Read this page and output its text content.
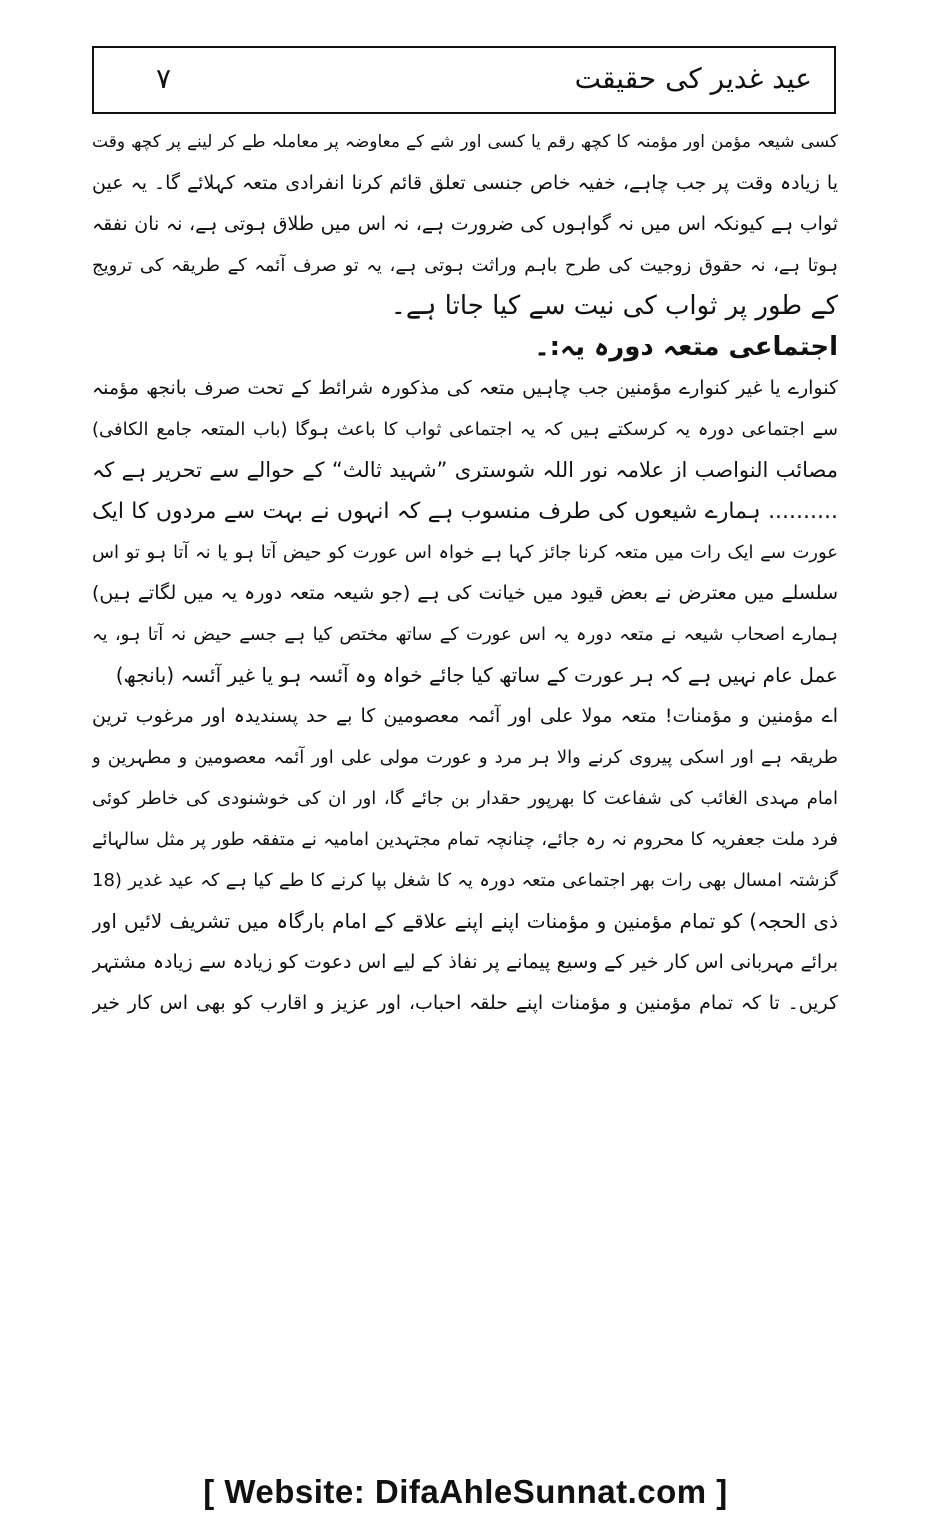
عید غدیر کی حقیقت
۷
کسی شیعہ مؤمن اور مؤمنہ کا کچھ رقم یا کسی اور شے کے معاوضہ پر معاملہ طے کر لینے پر کچھ وقت
یا زیادہ وقت پر جب چاہے، خفیہ خاص جنسی تعلق قائم کرنا انفرادی متعہ کہلائے گا۔ یہ عین
ثواب ہے کیونکہ اس میں نہ گواہوں کی ضرورت ہے، نہ اس میں طلاق ہوتی ہے، نہ نان نفقہ
ہوتا ہے، نہ حقوق زوجیت کی طرح باہم وراثت ہوتی ہے، یہ تو صرف آئمہ کے طریقہ کی ترویج
کے طور پر ثواب کی نیت سے کیا جاتا ہے۔
اجتماعی متعہ دورہ یہ:۔
کنوارے یا غیر کنوارے مؤمنین جب چاہیں متعہ کی مذکورہ شرائط کے تحت صرف بانجھ مؤمنہ
سے اجتماعی دورہ یہ کرسکتے ہیں کہ یہ اجتماعی ثواب کا باعث ہوگا (باب المتعہ جامع الکافی)
مصائب النواصب از علامہ نور اللہ شوستری ”شہید ثالث“ کے حوالے سے تحریر ہے کہ
.......... ہمارے شیعوں کی طرف منسوب ہے کہ انہوں نے بہت سے مردوں کا ایک
عورت سے ایک رات میں متعہ کرنا جائز کہا ہے خواہ اس عورت کو حیض آتا ہو یا نہ آتا ہو تو اس
سلسلے میں معترض نے بعض قیود میں خیانت کی ہے (جو شیعہ متعہ دورہ یہ میں لگاتے ہیں)
ہمارے اصحاب شیعہ نے متعہ دورہ یہ اس عورت کے ساتھ مختص کیا ہے جسے حیض نہ آتا ہو، یہ
عمل عام نہیں ہے کہ ہر عورت کے ساتھ کیا جائے خواہ وہ آئسہ ہو یا غیر آئسہ (بانجھ)
اے مؤمنین و مؤمنات! متعہ مولا علی اور آئمہ معصومین کا بے حد پسندیدہ اور مرغوب ترین
طریقہ ہے اور اسکی پیروی کرنے والا ہر مرد و عورت مولی علی اور آئمہ معصومین و مطہرین و
امام مہدی الغائب کی شفاعت کا بھرپور حقدار بن جائے گا، اور ان کی خوشنودی کی خاطر کوئی
فرد ملت جعفریہ کا محروم نہ رہ جائے، چنانچہ تمام مجتہدین امامیہ نے متفقہ طور پر مثل سالہائے
گزشتہ امسال بھی رات بھر اجتماعی متعہ دورہ یہ کا شغل بپا کرنے کا طے کیا ہے کہ عید غدیر (18
ذی الحجہ) کو تمام مؤمنین و مؤمنات اپنے اپنے علاقے کے امام بارگاہ میں تشریف لائیں اور
برائے مہربانی اس کار خیر کے وسیع پیمانے پر نفاذ کے لیے اس دعوت کو زیادہ سے زیادہ مشتہر
کریں۔ تا کہ تمام مؤمنین و مؤمنات اپنے حلقہ احباب، اور عزیز و اقارب کو بھی اس کار خیر
[ Website: DifaAhleSunnat.com ]
